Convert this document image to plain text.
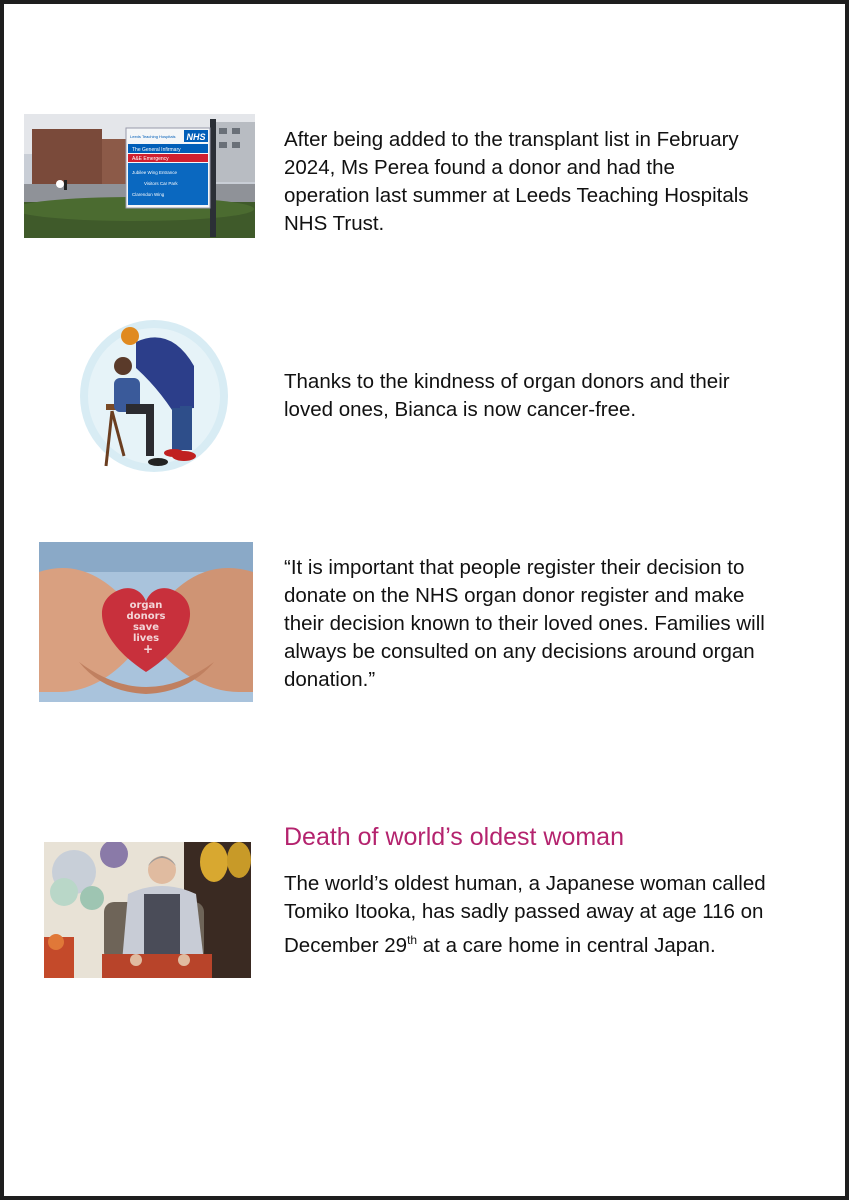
NHS
Leeds Teaching Hospitals
The General Infirmary
A&E Emergency
Jubilee Wing Entrance
Visitors Car Park
Clarendon Wing
After being added to the transplant list in February 2024, Ms Perea found a donor and had the operation last summer at Leeds Teaching Hospitals NHS Trust.
Thanks to the kindness of organ donors and their loved ones, Bianca is now cancer-free.
organ
donors
save
lives
+
“It is important that people register their decision to donate on the NHS organ donor register and make their decision known to their loved ones. Families will always be consulted on any decisions around organ donation.”
Death of world’s oldest woman
The world’s oldest human, a Japanese woman called Tomiko Itooka, has sadly passed away at age 116 on December 29th at a care home in central Japan.
